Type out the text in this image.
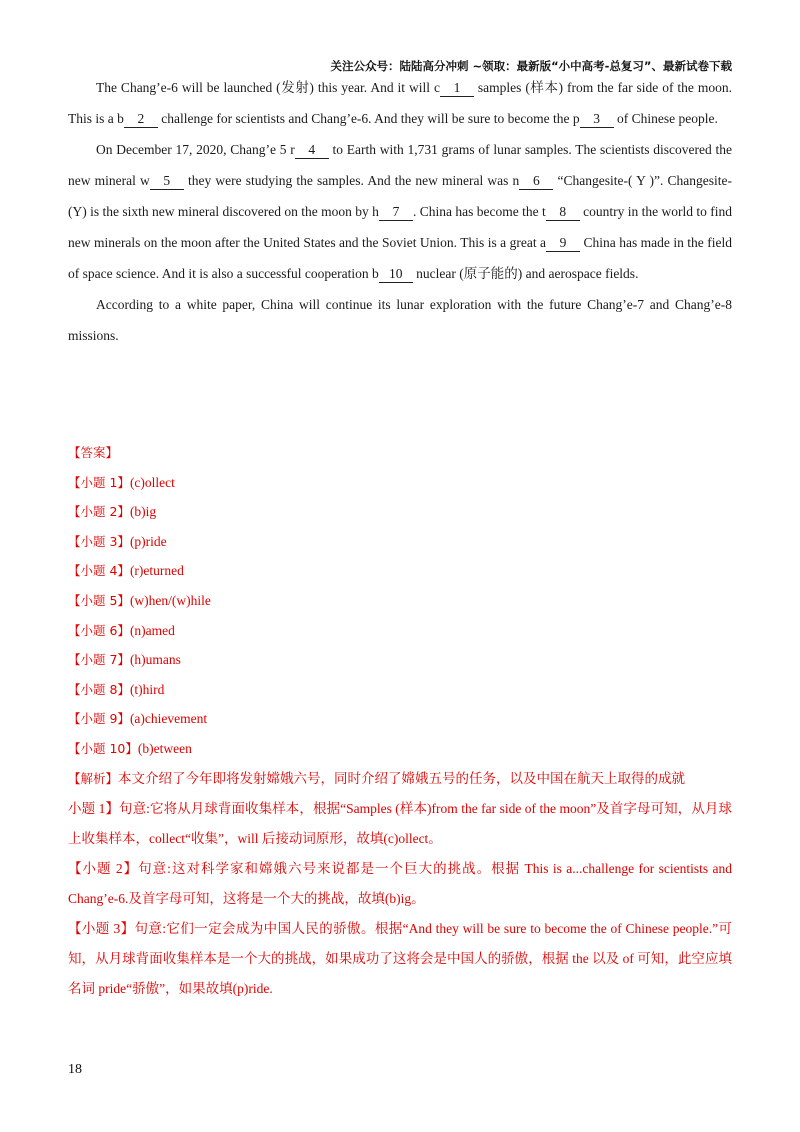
关注公众号：陆陆高分冲刺 ~领取：最新版“小中高考-总复习”、最新试卷下载

The Chang’e-6 will be launched (发射) this year. And it will c 1 samples (样本) from the far side of the moon. This is a b 2 challenge for scientists and Chang’e-6. And they will be sure to become the p 3 of Chinese people.

On December 17, 2020, Chang’e 5 r 4 to Earth with 1,731 grams of lunar samples. The scientists discovered the new mineral w 5 they were studying the samples. And the new mineral was n 6 “Changesite-( Y )”. Changesite-(Y) is the sixth new mineral discovered on the moon by h 7 . China has become the t 8 country in the world to find new minerals on the moon after the United States and the Soviet Union. This is a great a 9 China has made in the field of space science. And it is also a successful cooperation b 10 nuclear (原子能的) and aerospace fields.

According to a white paper, China will continue its lunar exploration with the future Chang’e-7 and Chang’e-8 missions.

【答案】
【小题 1】(c)ollect
【小题 2】(b)ig
【小题 3】(p)ride
【小题 4】(r)eturned
【小题 5】(w)hen/(w)hile
【小题 6】(n)amed
【小题 7】(h)umans
【小题 8】(t)hird
【小题 9】(a)chievement
【小题 10】(b)etween

【解析】本文介绍了今年即将发射嫦娥六号，同时介绍了嫦娥五号的任务，以及中国在航天上取得的成就

小题 1】句意:它将从月球背面收集样本，根据“Samples (样本)from the far side of the moon”及首字母可知，从月球上收集样本，collect“收集”，will 后接动词原形，故填(c)ollect。

【小题 2】句意:这对科学家和嫦娥六号来说都是一个巨大的挑战。根据 This is a...challenge for scientists and Chang’e-6.及首字母可知，这将是一个大的挑战，故填(b)ig。

【小题 3】句意:它们一定会成为中国人民的骄傲。根据“And they will be sure to become the of Chinese people.”可知，从月球背面收集样本是一个大的挑战，如果成功了这将会是中国人的骄傲，根据 the 以及 of 可知，此空应填名词 pride“骄傲”，如果故填(p)ride.

18
